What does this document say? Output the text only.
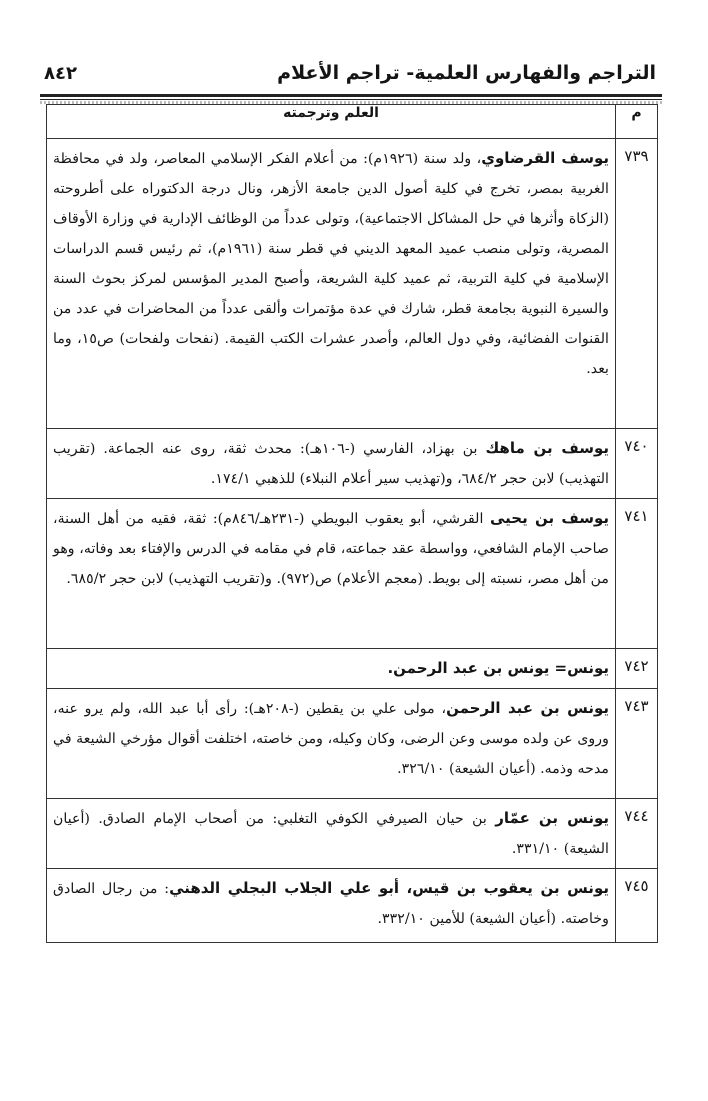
التراجم والفهارس العلمية- تراجم الأعلام
٨٤٢
م	العلم وترجمته
٧٣٩	يوسف القرضاوي، ولد سنة (١٩٢٦م): من أعلام الفكر الإسلامي المعاصر، ولد في محافظة الغربية بمصر، تخرج في كلية أصول الدين جامعة الأزهر، ونال درجة الدكتوراه على أطروحته (الزكاة وأثرها في حل المشاكل الاجتماعية)، وتولى عدداً من الوظائف الإدارية في وزارة الأوقاف المصرية، وتولى منصب عميد المعهد الديني في قطر سنة (١٩٦١م)، ثم رئيس قسم الدراسات الإسلامية في كلية التربية، ثم عميد كلية الشريعة، وأصبح المدير المؤسس لمركز بحوث السنة والسيرة النبوية بجامعة قطر، شارك في عدة مؤتمرات وألقى عدداً من المحاضرات في عدد من القنوات الفضائية، وفي دول العالم، وأصدر عشرات الكتب القيمة. (نفحات ولفحات) ص١٥، وما بعد.
٧٤٠	يوسف بن ماهك بن بهزاد، الفارسي (-١٠٦هـ): محدث ثقة، روى عنه الجماعة. (تقريب التهذيب) لابن حجر ٦٨٤/٢، و(تهذيب سير أعلام النبلاء) للذهبي ١٧٤/١.
٧٤١	يوسف بن يحيى القرشي، أبو يعقوب البويطي (-٢٣١هـ/٨٤٦م): ثقة، فقيه من أهل السنة، صاحب الإمام الشافعي، وواسطة عقد جماعته، قام في مقامه في الدرس والإفتاء بعد وفاته، وهو من أهل مصر، نسبته إلى بويط. (معجم الأعلام) ص(٩٧٢). و(تقريب التهذيب) لابن حجر ٦٨٥/٢.
٧٤٢	يونس= يونس بن عبد الرحمن.
٧٤٣	يونس بن عبد الرحمن، مولى علي بن يقطين (-٢٠٨هـ): رأى أبا عبد الله، ولم يرو عنه، وروى عن ولده موسى وعن الرضى، وكان وكيله، ومن خاصته، اختلفت أقوال مؤرخي الشيعة في مدحه وذمه. (أعيان الشيعة) ٣٢٦/١٠.
٧٤٤	يونس بن عمّار بن حيان الصيرفي الكوفي التغلبي: من أصحاب الإمام الصادق. (أعيان الشيعة) ٣٣١/١٠.
٧٤٥	يونس بن يعقوب بن قيس، أبو علي الجلاب البجلي الدهني: من رجال الصادق وخاصته. (أعيان الشيعة) للأمين ٣٣٢/١٠.
